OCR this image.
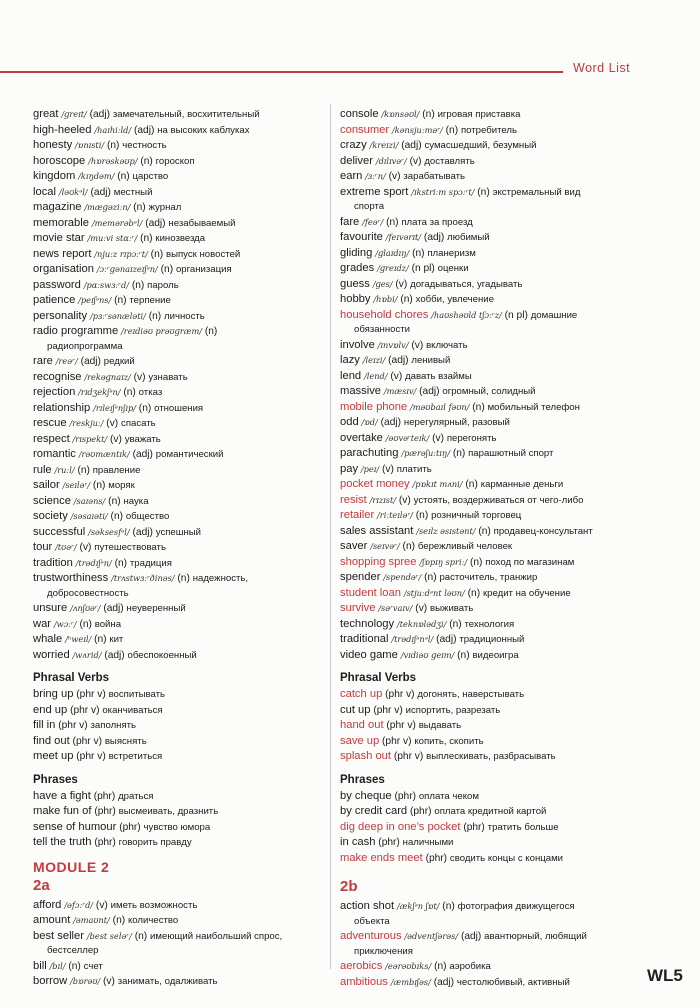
Word List
great /ɡreɪt/ (adj) замечательный, восхитительный
high-heeled /haɪhiːld/ (adj) на высоких каблуках
honesty /ɒnɪsti/ (n) честность
horoscope /hɒrəskəʊp/ (n) гороскоп
kingdom /kɪŋdəm/ (n) царство
local /ləʊkᵊl/ (adj) местный
magazine /mæɡəziːn/ (n) журнал
memorable /memərəbᵊl/ (adj) незабываемый
movie star /muːvi stɑːʳ/ (n) кинозвезда
news report /njuːz rɪpɔːʳt/ (n) выпуск новостей
organisation /ɔːʳɡənaɪzeɪʃᵊn/ (n) организация
password /pɑːswɜːʳd/ (n) пароль
patience /peɪʃᵊns/ (n) терпение
personality /pɜːʳsənæləti/ (n) личность
radio programme /reɪdiəʊ prəʊɡræm/ (n)
радиопрограмма
rare /reəʳ/ (adj) редкий
recognise /rekəɡnaɪz/ (v) узнавать
rejection /rɪdʒekʃᵊn/ (n) отказ
relationship /rɪleɪʃᵊnʃɪp/ (n) отношения
rescue /reskjuː/ (v) спасать
respect /rɪspekt/ (v) уважать
romantic /rəʊmæntɪk/ (adj) романтический
rule /ruːl/ (n) правление
sailor /seɪləʳ/ (n) моряк
science /saɪəns/ (n) наука
society /səsaɪəti/ (n) общество
successful /səksesfᵊl/ (adj) успешный
tour /tʊəʳ/ (v) путешествовать
tradition /trədɪʃᵊn/ (n) традиция
trustworthiness /trʌstwɜːʳðinəs/ (n) надежность,
добросовестность
unsure /ʌnʃʊəʳ/ (adj) неуверенный
war /wɔːʳ/ (n) война
whale /ʰweɪl/ (n) кит
worried /wʌrid/ (adj) обеспокоенный
Phrasal Verbs
bring up (phr v) воспитывать
end up (phr v) оканчиваться
fill in (phr v) заполнять
find out (phr v) выяснять
meet up (phr v) встретиться
Phrases
have a fight (phr) драться
make fun of (phr) высмеивать, дразнить
sense of humour (phr) чувство юмора
tell the truth (phr) говорить правду
MODULE 2
2a
afford /əfɔːʳd/ (v) иметь возможность
amount /əmaʊnt/ (n) количество
best seller /best seləʳ/ (n) имеющий наибольший спрос,
бестселлер
bill /bɪl/ (n) счет
borrow /bɒrəʊ/ (v) занимать, одалживать
console /kɒnsəʊl/ (n) игровая приставка
consumer /kənsjuːməʳ/ (n) потребитель
crazy /kreɪzi/ (adj) сумасшедший, безумный
deliver /dɪlɪvəʳ/ (v) доставлять
earn /ɜːʳn/ (v) зарабатывать
extreme sport /ɪkstriːm spɔːʳt/ (n) экстремальный вид
спорта
fare /feəʳ/ (n) плата за проезд
favourite /feɪvərɪt/ (adj) любимый
gliding /ɡlaɪdɪŋ/ (n) планеризм
grades /ɡreɪdz/ (n pl) оценки
guess /ɡes/ (v) догадываться, угадывать
hobby /hɒbi/ (n) хобби, увлечение
household chores /haʊshəʊld tʃɔːʳz/ (n pl) домашние
обязанности
involve /ɪnvɒlv/ (v) включать
lazy /leɪzi/ (adj) ленивый
lend /lend/ (v) давать взаймы
massive /mæsɪv/ (adj) огромный, солидный
mobile phone /məʊbaɪl fəʊn/ (n) мобильный телефон
odd /ɒd/ (adj) нерегулярный, разовый
overtake /əʊvəʳteɪk/ (v) перегонять
parachuting /pærəʃuːtɪŋ/ (n) парашютный спорт
pay /peɪ/ (v) платить
pocket money /pɒkɪt mʌni/ (n) карманные деньги
resist /rɪzɪst/ (v) устоять, воздерживаться от чего-либо
retailer /riːteɪləʳ/ (n) розничный торговец
sales assistant /seɪlz əsɪstənt/ (n) продавец-консультант
saver /seɪvəʳ/ (n) бережливый человек
shopping spree /ʃɒpɪŋ spriː/ (n) поход по магазинам
spender /spendəʳ/ (n) расточитель, транжир
student loan /stjuːdᵊnt ləʊn/ (n) кредит на обучение
survive /səʳvaɪv/ (v) выживать
technology /teknɒlədʒi/ (n) технология
traditional /trədɪʃᵊnᵊl/ (adj) традиционный
video game /vɪdiəʊ ɡeɪm/ (n) видеоигра
Phrasal Verbs
catch up (phr v) догонять, наверстывать
cut up (phr v) испортить, разрезать
hand out (phr v) выдавать
save up (phr v) копить, скопить
splash out (phr v) выплескивать, разбрасывать
Phrases
by cheque (phr) оплата чеком
by credit card (phr) оплата кредитной картой
dig deep in one’s pocket (phr) тратить больше
in cash (phr) наличными
make ends meet (phr) сводить концы с концами
2b
action shot /ækʃᵊn ʃɒt/ (n) фотография движущегося
объекта
adventurous /ədventʃərəs/ (adj) авантюрный, любящий
приключения
aerobics /eərəʊbɪks/ (n) аэробика
ambitious /æmbɪʃəs/ (adj) честолюбивый, активный	WL5
